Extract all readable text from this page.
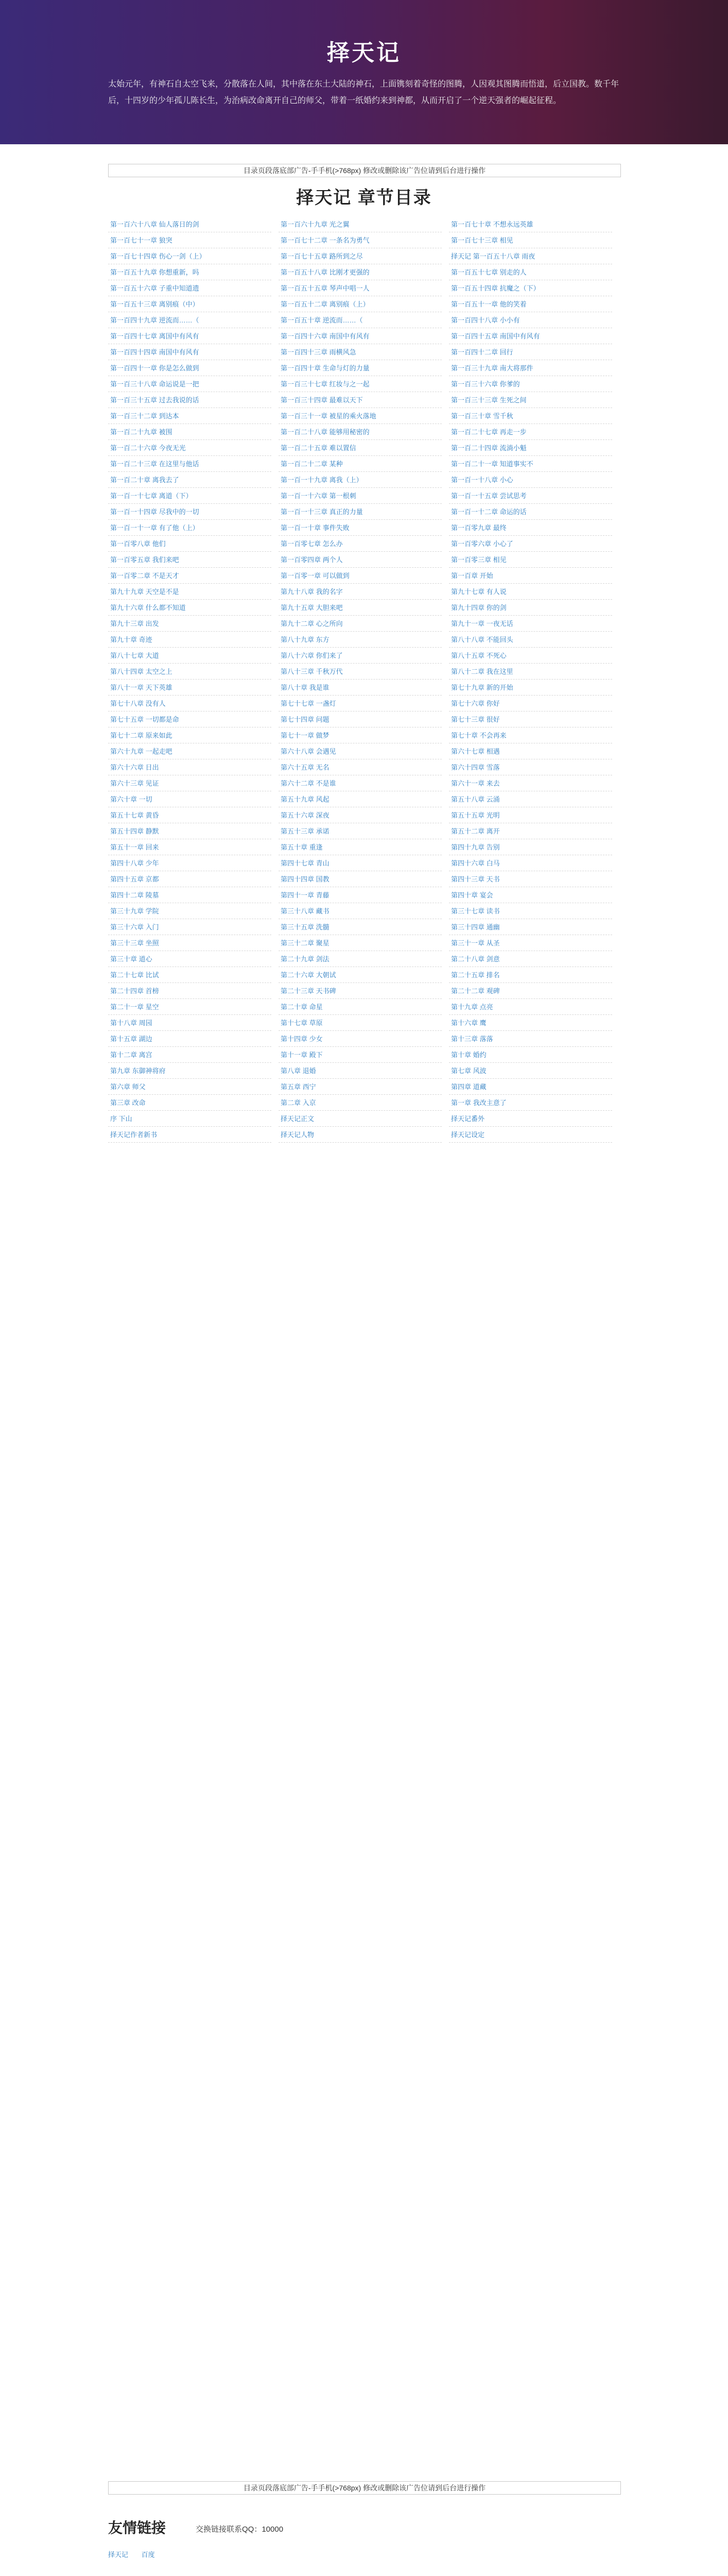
择天记
太始元年，有神石自太空飞来，分散落在人间，其中落在东土大陆的神石，上面镌刻着奇怪的图腾，人因观其图腾而悟道，后立国教。数千年后，十四岁的少年孤儿陈长生，为治病改命离开自己的师父，带着一纸婚约来到神都，从而开启了一个逆天强者的崛起征程。
目录页段落底部广告-手手机(>768px) 修改或删除该广告位请到后台进行操作
择天记 章节目录
第一百六十八章 仙人落日的剑	第一百六十九章 光之翼	第一百七十章 不想永远英雄
第一百七十一章 狼突	第一百七十二章 一条名为勇气	第一百七十三章 相见
第一百七十四章 伤心一剑（上）	第一百七十五章 路所到之尽	择天记 第一百五十八章 雨夜
第一百五十九章 你想重新，吗	第一百五十八章 比刚才更强的	第一百五十七章 别走的人
第一百五十六章 子重中知道遗	第一百五十五章 琴声中唱一人	第一百五十四章 抗魔之（下）
第一百五十三章 离别痕（中）	第一百五十二章 离别痕（上）	第一百五十一章 他的笑着
第一百四十九章 逆流而……（	第一百五十章 逆流而……（	第一百四十八章 小小有
第一百四十七章 离国中有风有	第一百四十六章 南国中有风有	第一百四十五章 南国中有风有
第一百四十四章 南国中有风有	第一百四十三章 雨横风急	第一百四十二章 回行
第一百四十一章 你是怎么做到	第一百四十章 生命与灯的力量	第一百三十九章 南大将那件
第一百三十八章 命运说是一把	第一百三十七章 红妆与之一起	第一百三十六章 你爹的
第一百三十五章 过去我说的话	第一百三十四章 最难以天下	第一百三十三章 生死之间
第一百三十二章 到达本	第一百三十一章 被星的乘火落地	第一百三十章 雪千秋
第一百二十九章 被围	第一百二十八章 能够用秘密的	第一百二十七章 再走一步
第一百二十六章 今夜无光	第一百二十五章 难以置信	第一百二十四章 流淌小魁
第一百二十三章 在这里与他话	第一百二十二章 某种	第一百二十一章 知道事实不
第一百二十章 离我去了	第一百一十九章 离我（上）	第一百一十八章 小心
第一百一十七章 离道（下）	第一百一十六章 第一根刺	第一百一十五章 尝试思考
第一百一十四章 尽我中的一切	第一百一十三章 真正的力量	第一百一十二章 命运的话
第一百一十一章 有了他（上）	第一百一十章 事件失败	第一百零九章 最终
第一百零八章 他们	第一百零七章 怎么办	第一百零六章 小心了
第一百零五章 我们来吧	第一百零四章 两个人	第一百零三章 相见
第一百零二章 不是天才	第一百零一章 可以做到	第一百章 开始
第九十九章 天空是不是	第九十八章 我的名字	第九十七章 有人说
第九十六章 什么都不知道	第九十五章 大胆来吧	第九十四章 你的剑
第九十三章 出发	第九十二章 心之所向	第九十一章 一夜无话
第九十章 奇迹	第八十九章 东方	第八十八章 不能回头
第八十七章 大道	第八十六章 你们来了	第八十五章 不死心
第八十四章 太空之上	第八十三章 千秋万代	第八十二章 我在这里
第八十一章 天下英雄	第八十章 我是谁	第七十九章 新的开始
第七十八章 没有人	第七十七章 一盏灯	第七十六章 你好
第七十五章 一切都是命	第七十四章 问题	第七十三章 很好
第七十二章 原来如此	第七十一章 做梦	第七十章 不会再来
第六十九章 一起走吧	第六十八章 会遇见	第六十七章 相遇
第六十六章 日出	第六十五章 无名	第六十四章 雪落
第六十三章 见证	第六十二章 不是谁	第六十一章 来去
第六十章 一切	第五十九章 风起	第五十八章 云涌
第五十七章 黄昏	第五十六章 深夜	第五十五章 光明
第五十四章 静默	第五十三章 承诺	第五十二章 离开
第五十一章 回来	第五十章 重逢	第四十九章 告别
第四十八章 少年	第四十七章 青山	第四十六章 白马
第四十五章 京都	第四十四章 国教	第四十三章 天书
第四十二章 陵墓	第四十一章 青藤	第四十章 宴会
第三十九章 学院	第三十八章 藏书	第三十七章 读书
第三十六章 入门	第三十五章 洗髓	第三十四章 通幽
第三十三章 坐照	第三十二章 聚星	第三十一章 从圣
第三十章 道心	第二十九章 剑法	第二十八章 剑意
第二十七章 比试	第二十六章 大朝试	第二十五章 排名
第二十四章 首榜	第二十三章 天书碑	第二十二章 观碑
第二十一章 星空	第二十章 命星	第十九章 点亮
第十八章 周园	第十七章 草原	第十六章 鹰
第十五章 湖边	第十四章 少女	第十三章 落落
第十二章 离宫	第十一章 殿下	第十章 婚约
第九章 东御神将府	第八章 退婚	第七章 风波
第六章 师父	第五章 西宁	第四章 道藏
第三章 改命	第二章 入京	第一章 我改主意了
序 下山	择天记正文	择天记番外
择天记作者新书	择天记人物	择天记设定
目录页段落底部广告-手手机(>768px) 修改或删除该广告位请到后台进行操作
友情链接	交换链接联系QQ：10000
择天记 百度
